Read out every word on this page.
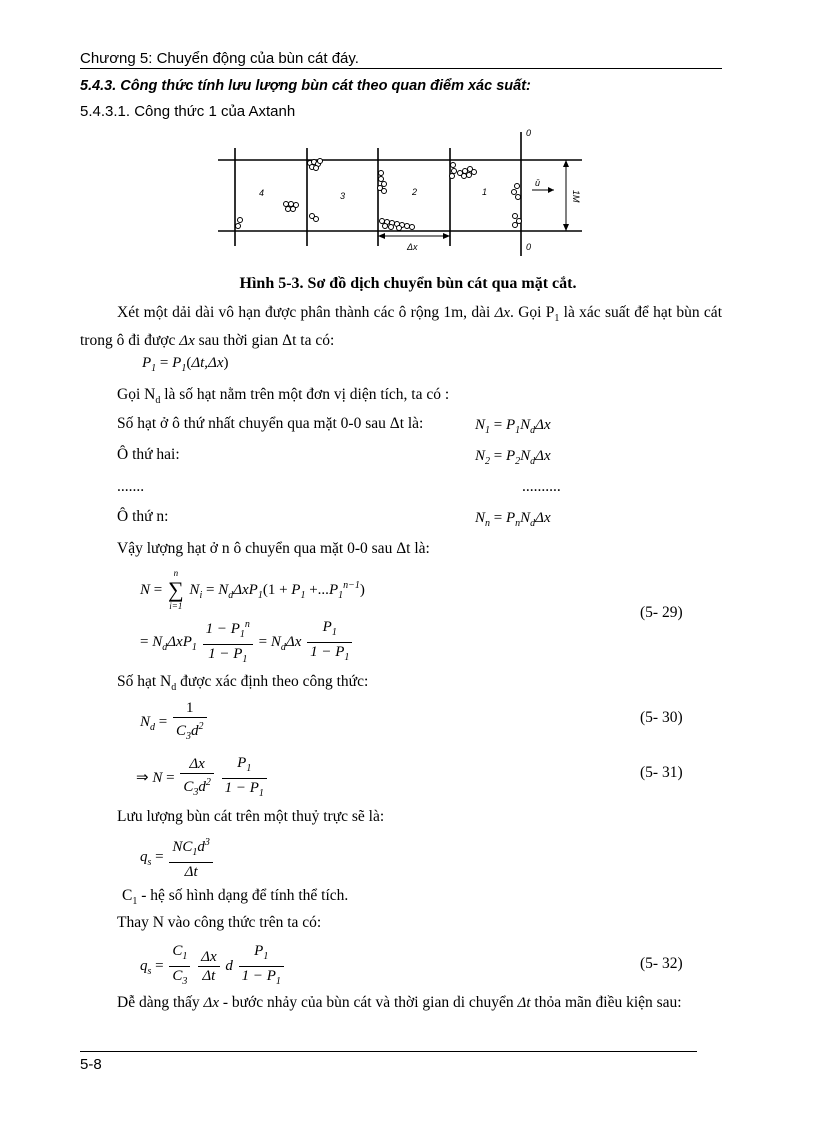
Chương 5: Chuyển động của bùn cát đáy.
5.4.3. Công thức tính lưu lượng bùn cát theo quan điểm xác suất:
5.4.3.1. Công thức 1 của Axtanh
4	3	2	1
Δx
ū
1M
0
0
Hình 5-3. Sơ đồ dịch chuyển bùn cát qua mặt cắt.
Xét một dải dài vô hạn được phân thành các ô rộng 1m, dài Δx. Gọi $P_1$ là xác suất để hạt bùn cát trong ô đi được Δx sau thời gian Δt ta có:
$P_1 = P_1(\Delta t,\Delta x)$
Gọi $N_d$ là số hạt nằm trên một đơn vị diện tích, ta có :
Số hạt ở ô thứ nhất chuyển qua mặt 0-0 sau Δt là:	$N_1 = P_1N_d\Delta x$
Ô thứ hai:	$N_2 = P_2N_d\Delta x$
.......	..........
Ô thứ n:	$N_n = P_nN_d\Delta x$
Vậy lượng hạt ở n ô chuyển qua mặt 0-0 sau Δt là:
N =
n
∑
i=1
$N_i = N_d\Delta xP_1(1 + P_1 +...P_1^{n-1})$
= $N_d\Delta xP_1 \frac{1 - P_1^n}{1 - P_1} = N_d\Delta x \frac{P_1}{1 - P_1}$
(5- 29)
Số hạt $N_d$ được xác định theo công thức:
$N_d = \frac{1}{C_3d^2}$	(5- 30)
⇒ $N = \frac{\Delta x}{C_3d^2}$
$\frac{P_1}{1 - P_1}$	(5- 31)
Lưu lượng bùn cát trên một thuỷ trực sẽ là:
$q_s = \frac{NC_1d^3}{\Delta t}$
$C_1$ - hệ số hình dạng để tính thể tích.
Thay N vào công thức trên ta có:
$q_s = \frac{C_1}{C_3}$
$\frac{\Delta x}{\Delta t}$ d $\frac{P_1}{1 - P_1}$	(5- 32)
Dễ dàng thấy Δx - bước nhảy của bùn cát và thời gian di chuyển Δt thỏa mãn điều kiện sau:
5-8
